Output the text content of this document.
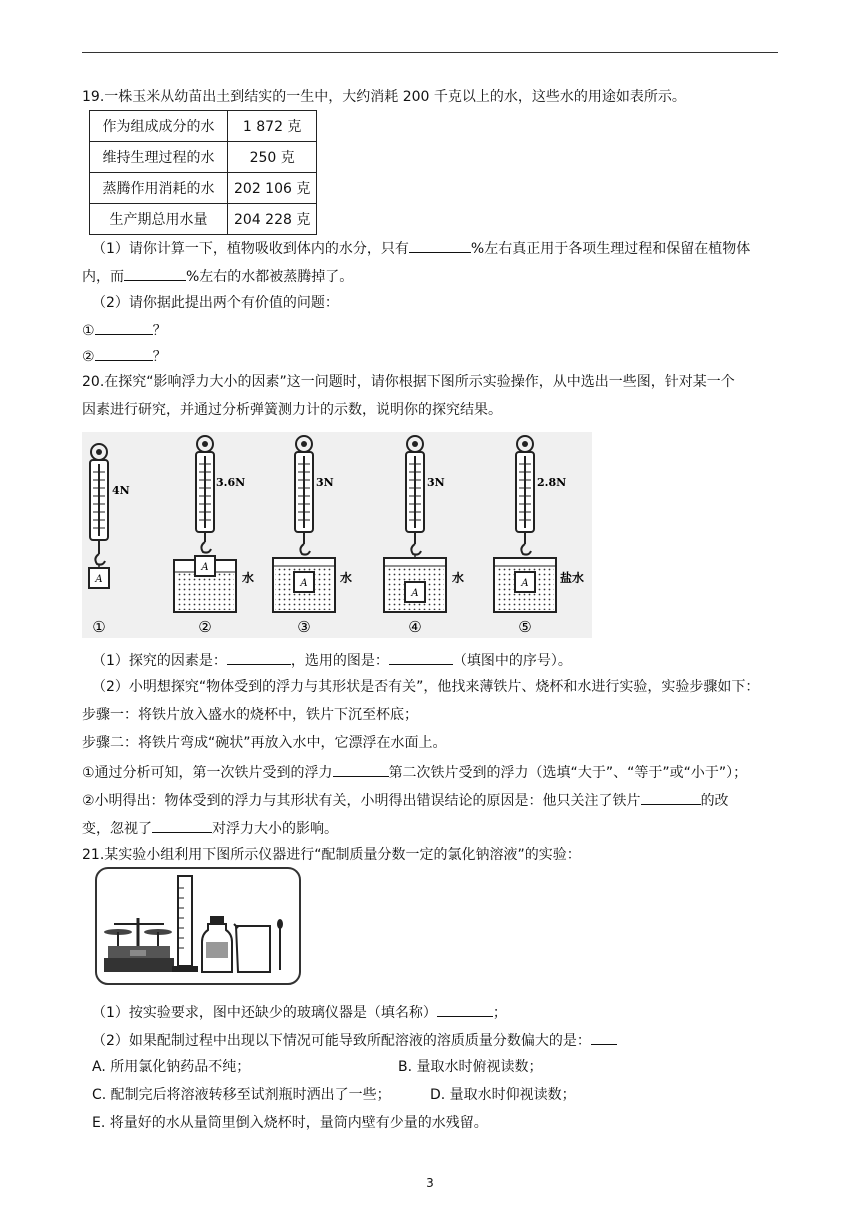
19.一株玉米从幼苗出土到结实的一生中，大约消耗 200 千克以上的水，这些水的用途如表所示。
作为组成成分的水	1 872 克
维持生理过程的水	250 克
蒸腾作用消耗的水	202 106 克
生产期总用水量	204 228 克
（1）请你计算一下，植物吸收到体内的水分，只有	%左右真正用于各项生理过程和保留在植物体
内，而	%左右的水都被蒸腾掉了。
（2）请你据此提出两个有价值的问题：
①	？
②	？
20.在探究“影响浮力大小的因素”这一问题时，请你根据下图所示实验操作，从中选出一些图，针对某一个
因素进行研究，并通过分析弹簧测力计的示数，说明你的探究结果。
A
4N
①
A
3.6N
水
②
A
3N
水
③
A
3N
水
④
A
2.8N
盐水
⑤
（1）探究的因素是：	，选用的图是：	（填图中的序号）。
（2）小明想探究“物体受到的浮力与其形状是否有关”，他找来薄铁片、烧杯和水进行实验，实验步骤如下：
步骤一：将铁片放入盛水的烧杯中，铁片下沉至杯底；
步骤二：将铁片弯成“碗状”再放入水中，它漂浮在水面上。
①通过分析可知，第一次铁片受到的浮力	第二次铁片受到的浮力（选填“大于”、“等于”或“小于”）；
②小明得出：物体受到的浮力与其形状有关，小明得出错误结论的原因是：他只关注了铁片	的改
变，忽视了	对浮力大小的影响。
21.某实验小组利用下图所示仪器进行“配制质量分数一定的氯化钠溶液”的实验：
（1）按实验要求，图中还缺少的玻璃仪器是（填名称）	；
（2）如果配制过程中出现以下情况可能导致所配溶液的溶质质量分数偏大的是：
A. 所用氯化钠药品不纯；	B. 量取水时俯视读数；
C. 配制完后将溶液转移至试剂瓶时洒出了一些；	D. 量取水时仰视读数；
E. 将量好的水从量筒里倒入烧杯时，量筒内壁有少量的水残留。
3
